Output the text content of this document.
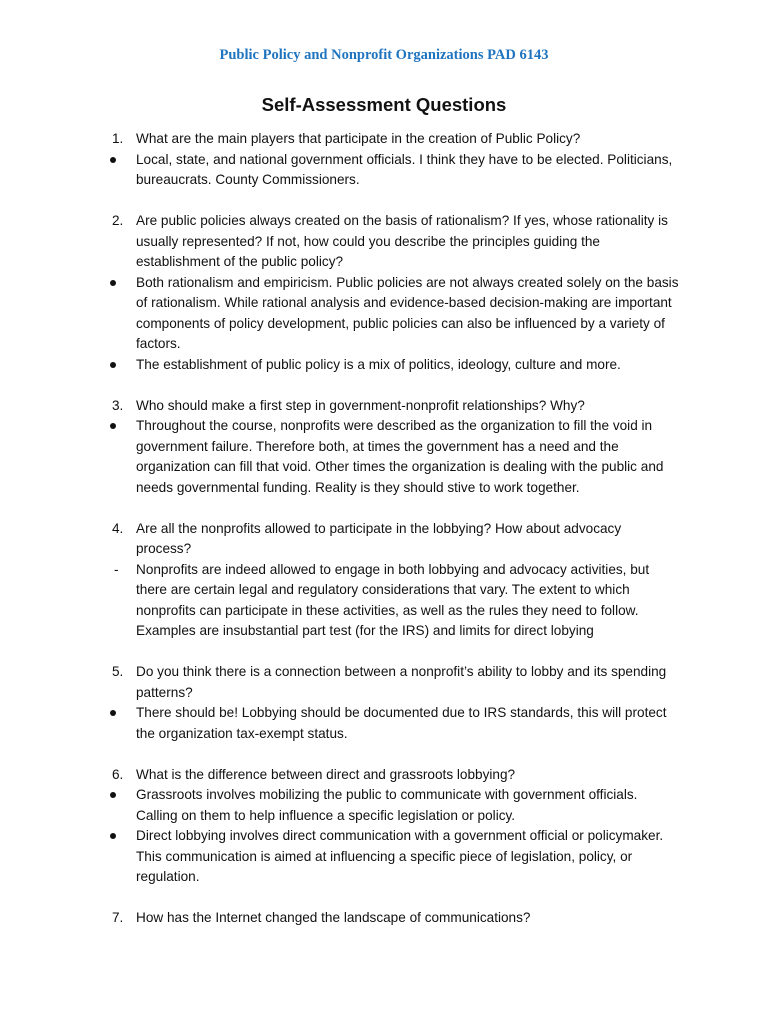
Public Policy and Nonprofit Organizations PAD 6143
Self-Assessment Questions
1. What are the main players that participate in the creation of Public Policy?
Local, state, and national government officials. I think they have to be elected. Politicians, bureaucrats. County Commissioners.
2. Are public policies always created on the basis of rationalism? If yes, whose rationality is usually represented? If not, how could you describe the principles guiding the establishment of the public policy?
Both rationalism and empiricism. Public policies are not always created solely on the basis of rationalism. While rational analysis and evidence-based decision-making are important components of policy development, public policies can also be influenced by a variety of factors.
The establishment of public policy is a mix of politics, ideology, culture and more.
3. Who should make a first step in government-nonprofit relationships? Why?
Throughout the course, nonprofits were described as the organization to fill the void in government failure. Therefore both, at times the government has a need and the organization can fill that void. Other times the organization is dealing with the public and needs governmental funding. Reality is they should stive to work together.
4. Are all the nonprofits allowed to participate in the lobbying? How about advocacy process?
- Nonprofits are indeed allowed to engage in both lobbying and advocacy activities, but there are certain legal and regulatory considerations that vary. The extent to which nonprofits can participate in these activities, as well as the rules they need to follow. Examples are insubstantial part test (for the IRS) and limits for direct lobying
5. Do you think there is a connection between a nonprofit’s ability to lobby and its spending patterns?
There should be! Lobbying should be documented due to IRS standards, this will protect the organization tax-exempt status.
6. What is the difference between direct and grassroots lobbying?
Grassroots involves mobilizing the public to communicate with government officials. Calling on them to help influence a specific legislation or policy.
Direct lobbying involves direct communication with a government official or policymaker. This communication is aimed at influencing a specific piece of legislation, policy, or regulation.
7. How has the Internet changed the landscape of communications?
